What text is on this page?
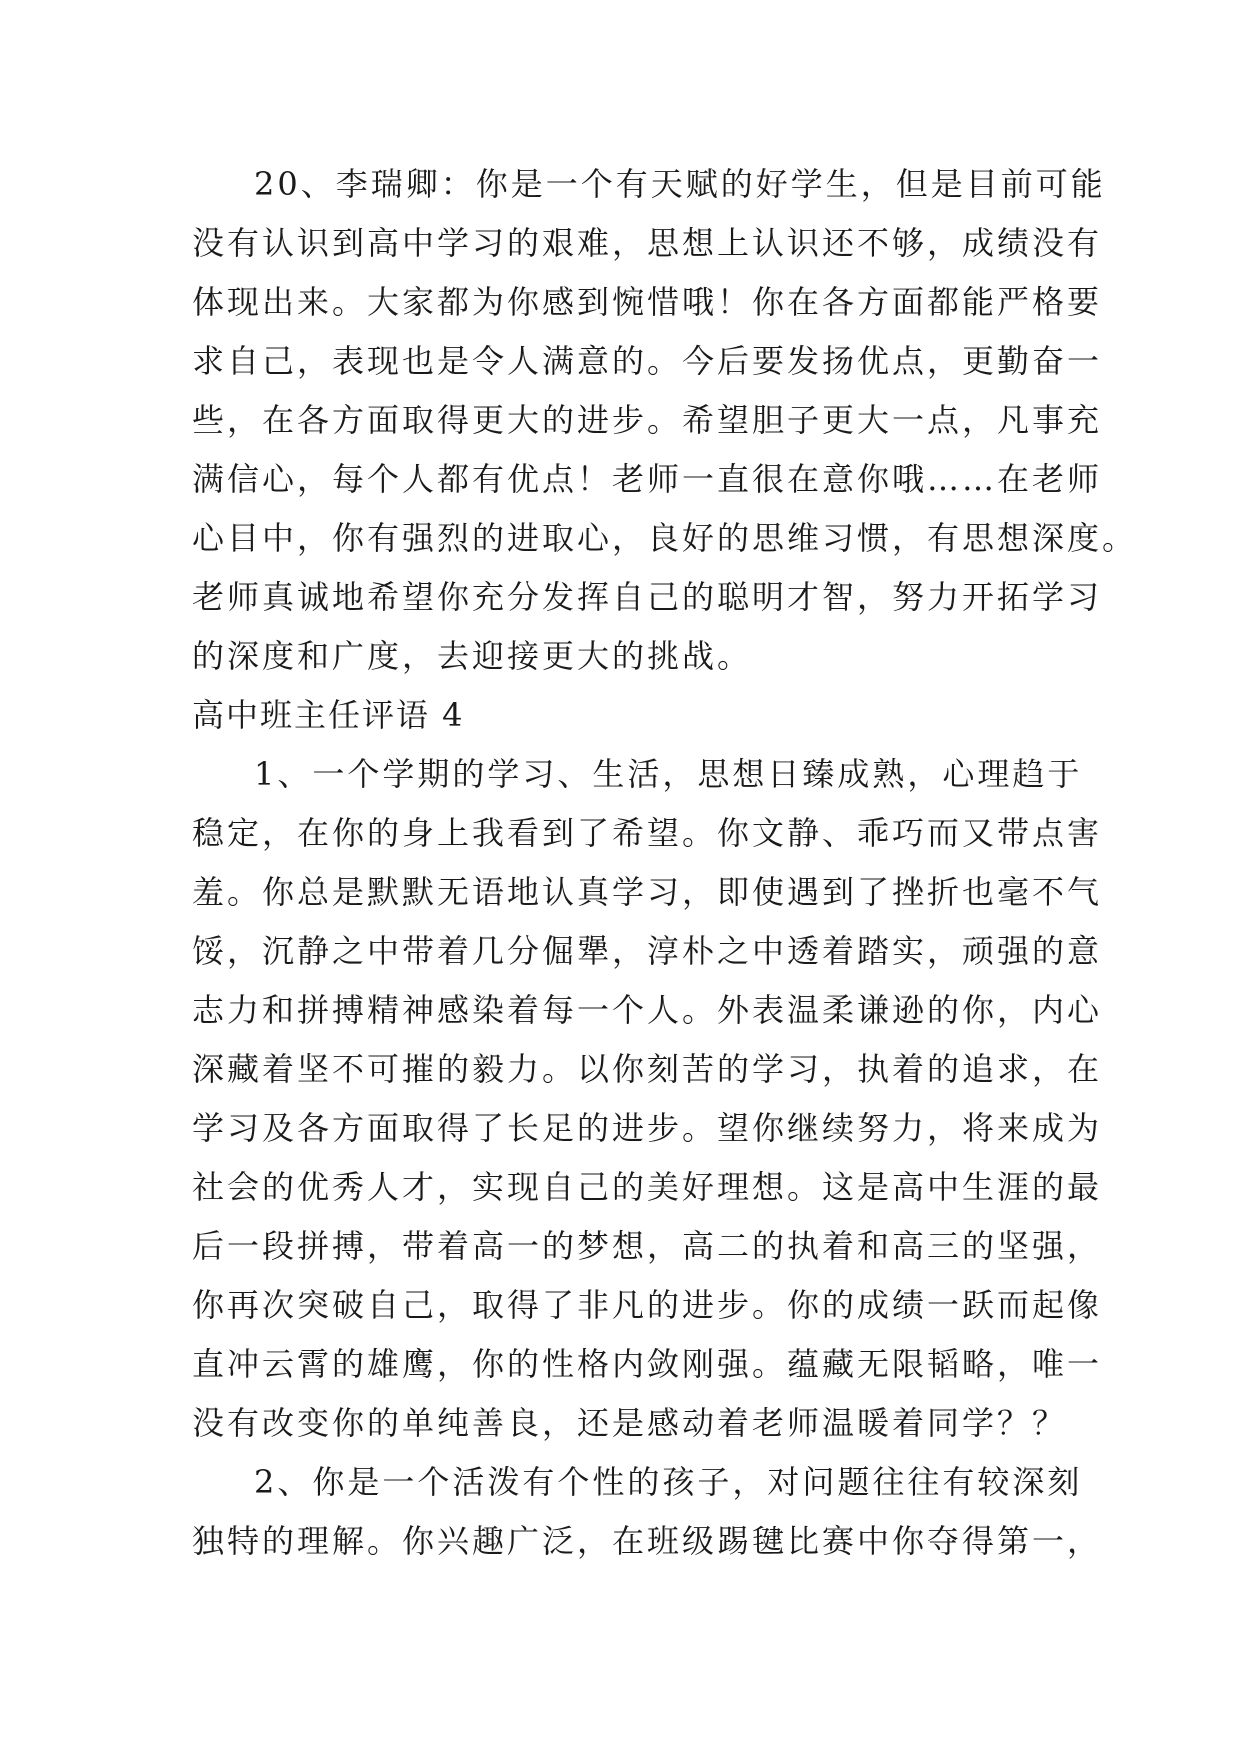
20、李瑞卿：你是一个有天赋的好学生，但是目前可能

没有认识到高中学习的艰难，思想上认识还不够，成绩没有

体现出来。大家都为你感到惋惜哦！你在各方面都能严格要

求自己，表现也是令人满意的。今后要发扬优点，更勤奋一

些，在各方面取得更大的进步。希望胆子更大一点，凡事充

满信心，每个人都有优点！老师一直很在意你哦……在老师

心目中，你有强烈的进取心，良好的思维习惯，有思想深度。

老师真诚地希望你充分发挥自己的聪明才智，努力开拓学习

的深度和广度，去迎接更大的挑战。

高中班主任评语 4

1、一个学期的学习、生活，思想日臻成熟，心理趋于

稳定，在你的身上我看到了希望。你文静、乖巧而又带点害

羞。你总是默默无语地认真学习，即使遇到了挫折也毫不气

馁，沉静之中带着几分倔犟，淳朴之中透着踏实，顽强的意

志力和拼搏精神感染着每一个人。外表温柔谦逊的你，内心

深藏着坚不可摧的毅力。以你刻苦的学习，执着的追求，在

学习及各方面取得了长足的进步。望你继续努力，将来成为

社会的优秀人才，实现自己的美好理想。这是高中生涯的最

后一段拼搏，带着高一的梦想，高二的执着和高三的坚强，

你再次突破自己，取得了非凡的进步。你的成绩一跃而起像

直冲云霄的雄鹰，你的性格内敛刚强。蕴藏无限韬略，唯一

没有改变你的单纯善良，还是感动着老师温暖着同学？？

2、你是一个活泼有个性的孩子，对问题往往有较深刻

独特的理解。你兴趣广泛，在班级踢毽比赛中你夺得第一，
